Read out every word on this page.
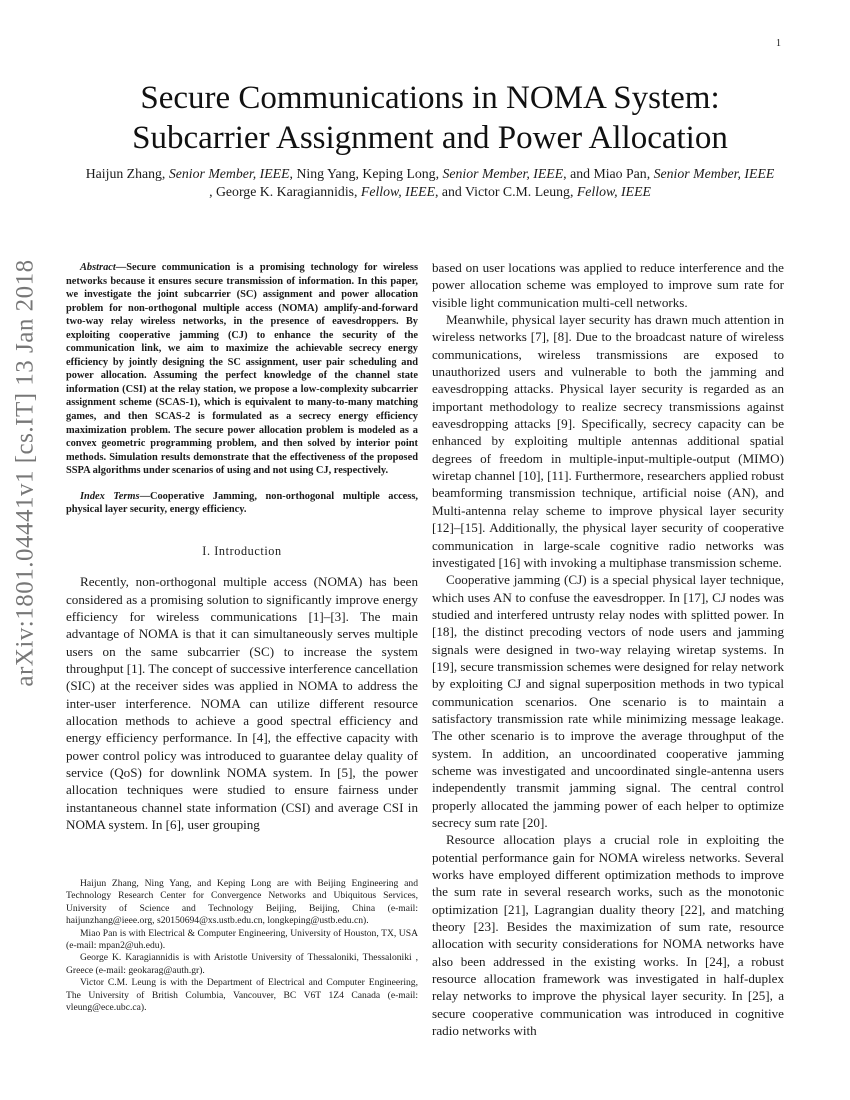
1
arXiv:1801.04441v1 [cs.IT] 13 Jan 2018
Secure Communications in NOMA System:
Subcarrier Assignment and Power Allocation
Haijun Zhang, Senior Member, IEEE, Ning Yang, Keping Long, Senior Member, IEEE, and Miao Pan, Senior Member, IEEE
, George K. Karagiannidis, Fellow, IEEE, and Victor C.M. Leung, Fellow, IEEE

Abstract—Secure communication is a promising technology for wireless networks because it ensures secure transmission of information. In this paper, we investigate the joint subcarrier (SC) assignment and power allocation problem for non-orthogonal multiple access (NOMA) amplify-and-forward two-way relay wireless networks, in the presence of eavesdroppers. By exploiting cooperative jamming (CJ) to enhance the security of the communication link, we aim to maximize the achievable secrecy energy efficiency by jointly designing the SC assignment, user pair scheduling and power allocation. Assuming the perfect knowledge of the channel state information (CSI) at the relay station, we propose a low-complexity subcarrier assignment scheme (SCAS-1), which is equivalent to many-to-many matching games, and then SCAS-2 is formulated as a secrecy energy efficiency maximization problem. The secure power allocation problem is modeled as a convex geometric programming problem, and then solved by interior point methods. Simulation results demonstrate that the effectiveness of the proposed SSPA algorithms under scenarios of using and not using CJ, respectively.

Index Terms—Cooperative Jamming, non-orthogonal multiple access, physical layer security, energy efficiency.

I. Introduction

Recently, non-orthogonal multiple access (NOMA) has been considered as a promising solution to significantly improve energy efficiency for wireless communications [1]–[3]. The main advantage of NOMA is that it can simultaneously serves multiple users on the same subcarrier (SC) to increase the system throughput [1]. The concept of successive interference cancellation (SIC) at the receiver sides was applied in NOMA to address the inter-user interference. NOMA can utilize different resource allocation methods to achieve a good spectral efficiency and energy efficiency performance. In [4], the effective capacity with power control policy was introduced to guarantee delay quality of service (QoS) for downlink NOMA system. In [5], the power allocation techniques were studied to ensure fairness under instantaneous channel state information (CSI) and average CSI in NOMA system. In [6], user grouping

Haijun Zhang, Ning Yang, and Keping Long are with Beijing Engineering and Technology Research Center for Convergence Networks and Ubiquitous Services, University of Science and Technology Beijing, Beijing, China (e-mail: haijunzhang@ieee.org, s20150694@xs.ustb.edu.cn, longkeping@ustb.edu.cn).

Miao Pan is with Electrical & Computer Engineering, University of Houston, TX, USA (e-mail: mpan2@uh.edu).

George K. Karagiannidis is with Aristotle University of Thessaloniki, Thessaloniki , Greece (e-mail: geokarag@auth.gr).

Victor C.M. Leung is with the Department of Electrical and Computer Engineering, The University of British Columbia, Vancouver, BC V6T 1Z4 Canada (e-mail: vleung@ece.ubc.ca).

based on user locations was applied to reduce interference and the power allocation scheme was employed to improve sum rate for visible light communication multi-cell networks.

Meanwhile, physical layer security has drawn much attention in wireless networks [7], [8]. Due to the broadcast nature of wireless communications, wireless transmissions are exposed to unauthorized users and vulnerable to both the jamming and eavesdropping attacks. Physical layer security is regarded as an important methodology to realize secrecy transmissions against eavesdropping attacks [9]. Specifically, secrecy capacity can be enhanced by exploiting multiple antennas additional spatial degrees of freedom in multiple-input-multiple-output (MIMO) wiretap channel [10], [11]. Furthermore, researchers applied robust beamforming transmission technique, artificial noise (AN), and Multi-antenna relay scheme to improve physical layer security [12]–[15]. Additionally, the physical layer security of cooperative communication in large-scale cognitive radio networks was investigated [16] with invoking a multiphase transmission scheme.

Cooperative jamming (CJ) is a special physical layer technique, which uses AN to confuse the eavesdropper. In [17], CJ nodes was studied and interfered untrusty relay nodes with splitted power. In [18], the distinct precoding vectors of node users and jamming signals were designed in two-way relaying wiretap systems. In [19], secure transmission schemes were designed for relay network by exploiting CJ and signal superposition methods in two typical communication scenarios. One scenario is to maintain a satisfactory transmission rate while minimizing message leakage. The other scenario is to improve the average throughput of the system. In addition, an uncoordinated cooperative jamming scheme was investigated and uncoordinated single-antenna users independently transmit jamming signal. The central control properly allocated the jamming power of each helper to optimize secrecy sum rate [20].

Resource allocation plays a crucial role in exploiting the potential performance gain for NOMA wireless networks. Several works have employed different optimization methods to improve the sum rate in several research works, such as the monotonic optimization [21], Lagrangian duality theory [22], and matching theory [23]. Besides the maximization of sum rate, resource allocation with security considerations for NOMA networks have also been addressed in the existing works. In [24], a robust resource allocation framework was investigated in half-duplex relay networks to improve the physical layer security. In [25], a secure cooperative communication was introduced in cognitive radio networks with
